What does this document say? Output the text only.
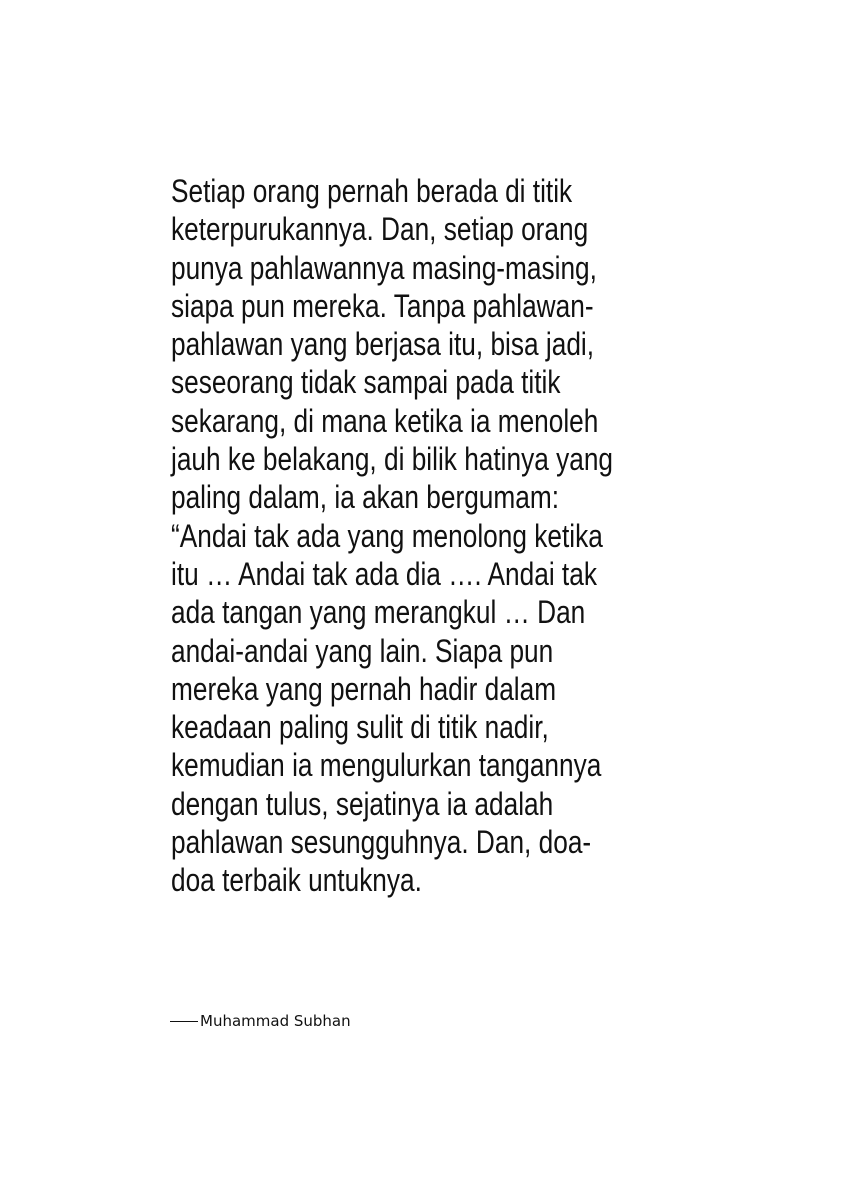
Setiap orang pernah berada di titik
keterpurukannya. Dan, setiap orang
punya pahlawannya masing-masing,
siapa pun mereka. Tanpa pahlawan-
pahlawan yang berjasa itu, bisa jadi,
seseorang tidak sampai pada titik
sekarang, di mana ketika ia menoleh
jauh ke belakang, di bilik hatinya yang
paling dalam, ia akan bergumam:
“Andai tak ada yang menolong ketika
itu … Andai tak ada dia …. Andai tak
ada tangan yang merangkul … Dan
andai-andai yang lain. Siapa pun
mereka yang pernah hadir dalam
keadaan paling sulit di titik nadir,
kemudian ia mengulurkan tangannya
dengan tulus, sejatinya ia adalah
pahlawan sesungguhnya. Dan, doa-
doa terbaik untuknya.
Muhammad Subhan
